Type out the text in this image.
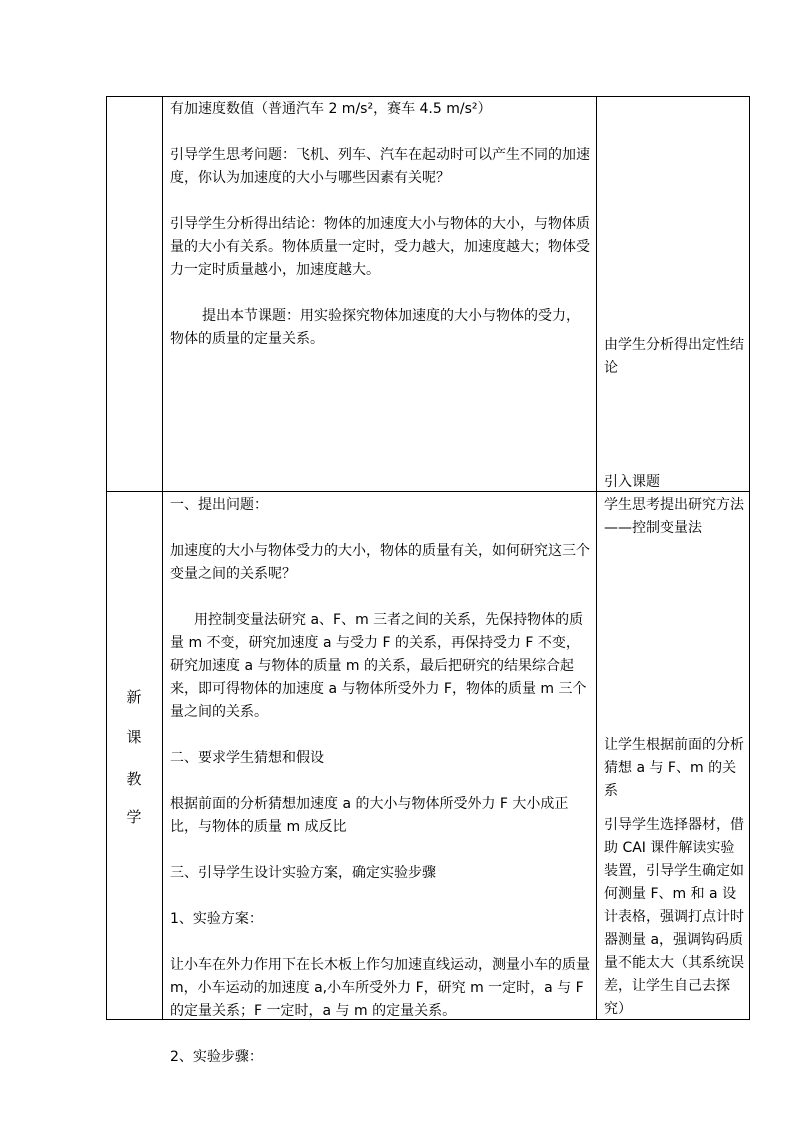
有加速度数值（普通汽车 2 m/s²，赛车 4.5 m/s²）

引导学生思考问题：飞机、列车、汽车在起动时可以产生不同的加速度，你认为加速度的大小与哪些因素有关呢？

引导学生分析得出结论：物体的加速度大小与物体的大小，与物体质量的大小有关系。物体质量一定时，受力越大，加速度越大；物体受力一定时质量越小，加速度越大。

提出本节课题：用实验探究物体加速度的大小与物体的受力，物体的质量的定量关系。	由学生分析得出定性结论

引入课题

新
课
教
学

一、提出问题：

加速度的大小与物体受力的大小，物体的质量有关，如何研究这三个变量之间的关系呢？

用控制变量法研究 a、F、m 三者之间的关系，先保持物体的质量 m 不变，研究加速度 a 与受力 F 的关系，再保持受力 F 不变，研究加速度 a 与物体的质量 m 的关系，最后把研究的结果综合起来，即可得物体的加速度 a 与物体所受外力 F，物体的质量 m 三个量之间的关系。

二、要求学生猜想和假设

根据前面的分析猜想加速度 a 的大小与物体所受外力 F 大小成正比，与物体的质量 m 成反比

三、引导学生设计实验方案，确定实验步骤

1、实验方案：

让小车在外力作用下在长木板上作匀加速直线运动，测量小车的质量 m，小车运动的加速度 a,小车所受外力 F，研究 m 一定时，a 与 F 的定量关系；F 一定时，a 与 m 的定量关系。

2、实验步骤：

学生思考提出研究方法——控制变量法

让学生根据前面的分析猜想 a 与 F、m 的关系

引导学生选择器材，借助 CAI 课件解读实验装置，引导学生确定如何测量 F、m 和 a 设计表格，强调打点计时器测量 a，强调钩码质量不能太大（其系统误差，让学生自己去探究）
